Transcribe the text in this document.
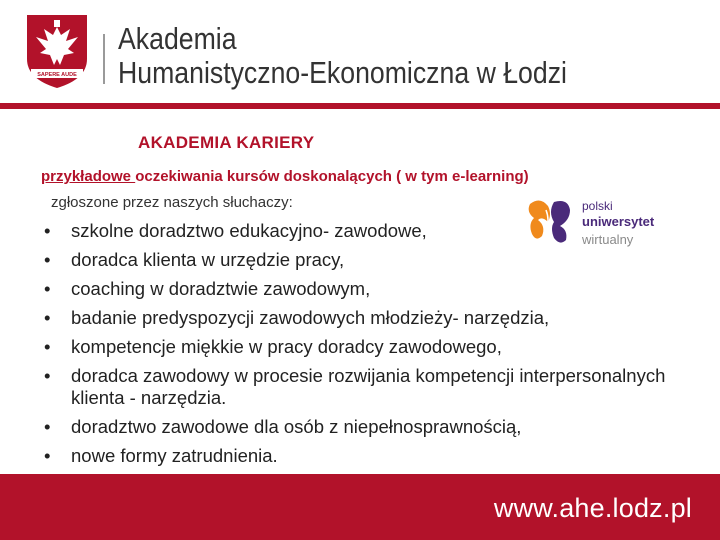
SAPERE AUDE
Akademia
Humanistyczno-Ekonomiczna w Łodzi
AKADEMIA KARIERY
przykładowe oczekiwania kursów doskonalących ( w tym e-learning)
zgłoszone przez naszych słuchaczy:	polski
uniwersytet
wirtualny
• szkolne doradztwo edukacyjno- zawodowe,
• doradca klienta w urzędzie pracy,
• coaching w doradztwie zawodowym,
• badanie predyspozycji zawodowych młodzieży- narzędzia,
• kompetencje miękkie w pracy doradcy zawodowego,
• doradca zawodowy w procesie rozwijania kompetencji interpersonalnych klienta - narzędzia.
• doradztwo zawodowe dla osób z niepełnosprawnością,
• nowe formy zatrudnienia.
www.ahe.lodz.pl
